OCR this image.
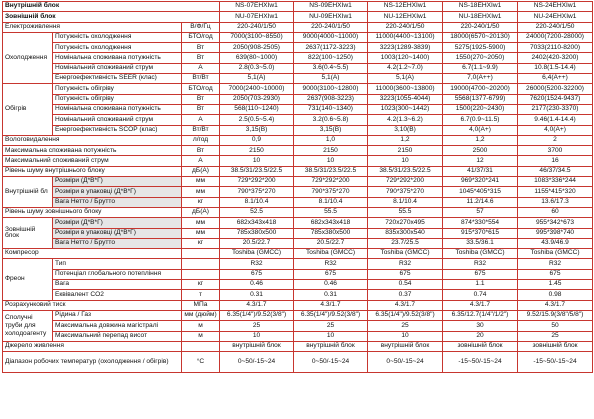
Внутрішній блок			NS-07EHXIw1	NS-09EHXIw1	NS-12EHXIw1	NS-18EHXIw1	NS-24EHXIw1
Зовнішній блок			NU-07EHXIw1	NU-09EHXIw1	NU-12EHXIw1	NU-18EHXIw1	NU-24EHXIw1
Електроживлення		В/Ф/Гц	220-240/1/50	220-240/1/50	220-240/1/50	220-240/1/50	220-240/1/50
Охолодження	Потужність охолодження	БТО/год	7000(3100~8550)	9000(4000~11000)	11000(4400~13100)	18000(6570~20130)	24000(7200-28000)
	Потужність охолодження	Вт	2050(908-2505)	2637(1172-3223)	3223(1289-3839)	5275(1925-5900)	7033(2110-8200)
	Номінальна споживана потужність	Вт	639(80~1000)	822(100~1250)	1003(120~1400)	1550(270~2050)	2402(420-3200)
	Номінальний споживаний струм	А	2.8(0.3~5.0)	3.6(0.4~5.5)	4.2(1.2~7.0)	6.7(1.1~9.9)	10.8(1.5-14.4)
	Енергоефективність SEER (клас)	Вт/Вт	5,1(A)	5,1(A)	5,1(A)	7,0(A++)	6,4(A++)
Обігрів	Потужність обігріву	БТО/год	7000(2400~10000)	9000(3100~12800)	11000(3600~13800)	19000(4700~20200)	26000(5200-32200)
	Потужність обігріву	Вт	2050(703-2930)	2637(908-3223)	3223(1055-4044)	5568(1377-6799)	7620(1524-9437)
	Номінальна споживана потужність	Вт	568(110~1240)	731(140~1340)	1023(300~1442)	1500(220~2430)	2177(230-3370)
	Номінальний споживаний струм	А	2.5(0.5~5.4)	3.2(0.6~5.8)	4.2(1.3~6.2)	6.7(0.9~11.5)	9.46(1.4-14.4)
	Енергоефективність SCOP (клас)	Вт/Вт	3,15(B)	3,15(B)	3,10(B)	4,0(A+)	4,0(A+)
Вологовидалення		л/год	0,9	1,0	1,2	1,2	2
Максимальна споживана потужність		Вт	2150	2150	2150	2500	3700
Максимальний споживаний струм		А	10	10	10	12	16
Рівень шуму внутрішнього блоку		дБ(А)	38.5/31/23.5/22.5	38.5/31/23.5/22.5	38.5/31/23.5/22.5	41/37/31	46/37/34.5
Внутрішній бл	Розміри (Д*В*Г)	мм	729*292*200	729*292*200	729*292*200	969*320*241	1083*336*244
	Розміри в упаковці (Д*В*Г)	мм	790*375*270	790*375*270	790*375*270	1045*405*315	1155*415*320
	Вага Нетто / Брутто	кг	8.1/10.4	8.1/10.4	8.1/10.4	11.2/14.6	13.6/17.3
Рівень шуму зовнішнього блоку		дБ(А)	52.5	55.5	55.5	57	60
Зовнішній блок	Розміри (Д*В*Г)	мм	682x343x418	682x343x418	720x270x495	874*330*554	955*342*673
	Розміри в упаковці (Д*В*Г)	мм	785x380x500	785x380x500	835x300x540	915*370*615	995*398*740
	Вага Нетто / Брутто	кг	20.5/22.7	20.5/22.7	23.7/25.5	33.5/36.1	43.9/46.9
Компресор			Toshiba (GMCC)	Toshiba (GMCC)	Toshiba (GMCC)	Toshiba (GMCC)	Toshiba (GMCC)
Фреон	Тип		R32	R32	R32	R32	R32
	Потенціал глобального потепління		675	675	675	675	675
	Вага	кг	0.46	0.46	0.54	1.1	1.45
	Еквівалент CO2	т	0.31	0.31	0.37	0.74	0.98
Розрахунковий тиск		МПа	4.3/1.7	4.3/1.7	4.3/1.7	4.3/1.7	4.3/1.7
Сполучні
труби для
холодоагенту	Рідина / Газ	мм (дюйм)	6.35(1/4")/9.52(3/8")	6.35(1/4")/9.52(3/8")	6.35(1/4")/9.52(3/8")	6.35/12.7(1/4"/1/2")	9.52/15.9(3/8"/5/8")
	Максимальна довжина магістралі	м	25	25	25	30	50
	Максимальний перепад висот	м	10	10	10	20	25
Джерело живлення			внутрішній блок	внутрішній блок	внутрішній блок	зовнішній блок	зовнішній блок
Діапазон робочих температур (охолодження / обігрів)		°С	0~50/-15~24	0~50/-15~24	0~50/-15~24	-15~50/-15~24	-15~50/-15~24
